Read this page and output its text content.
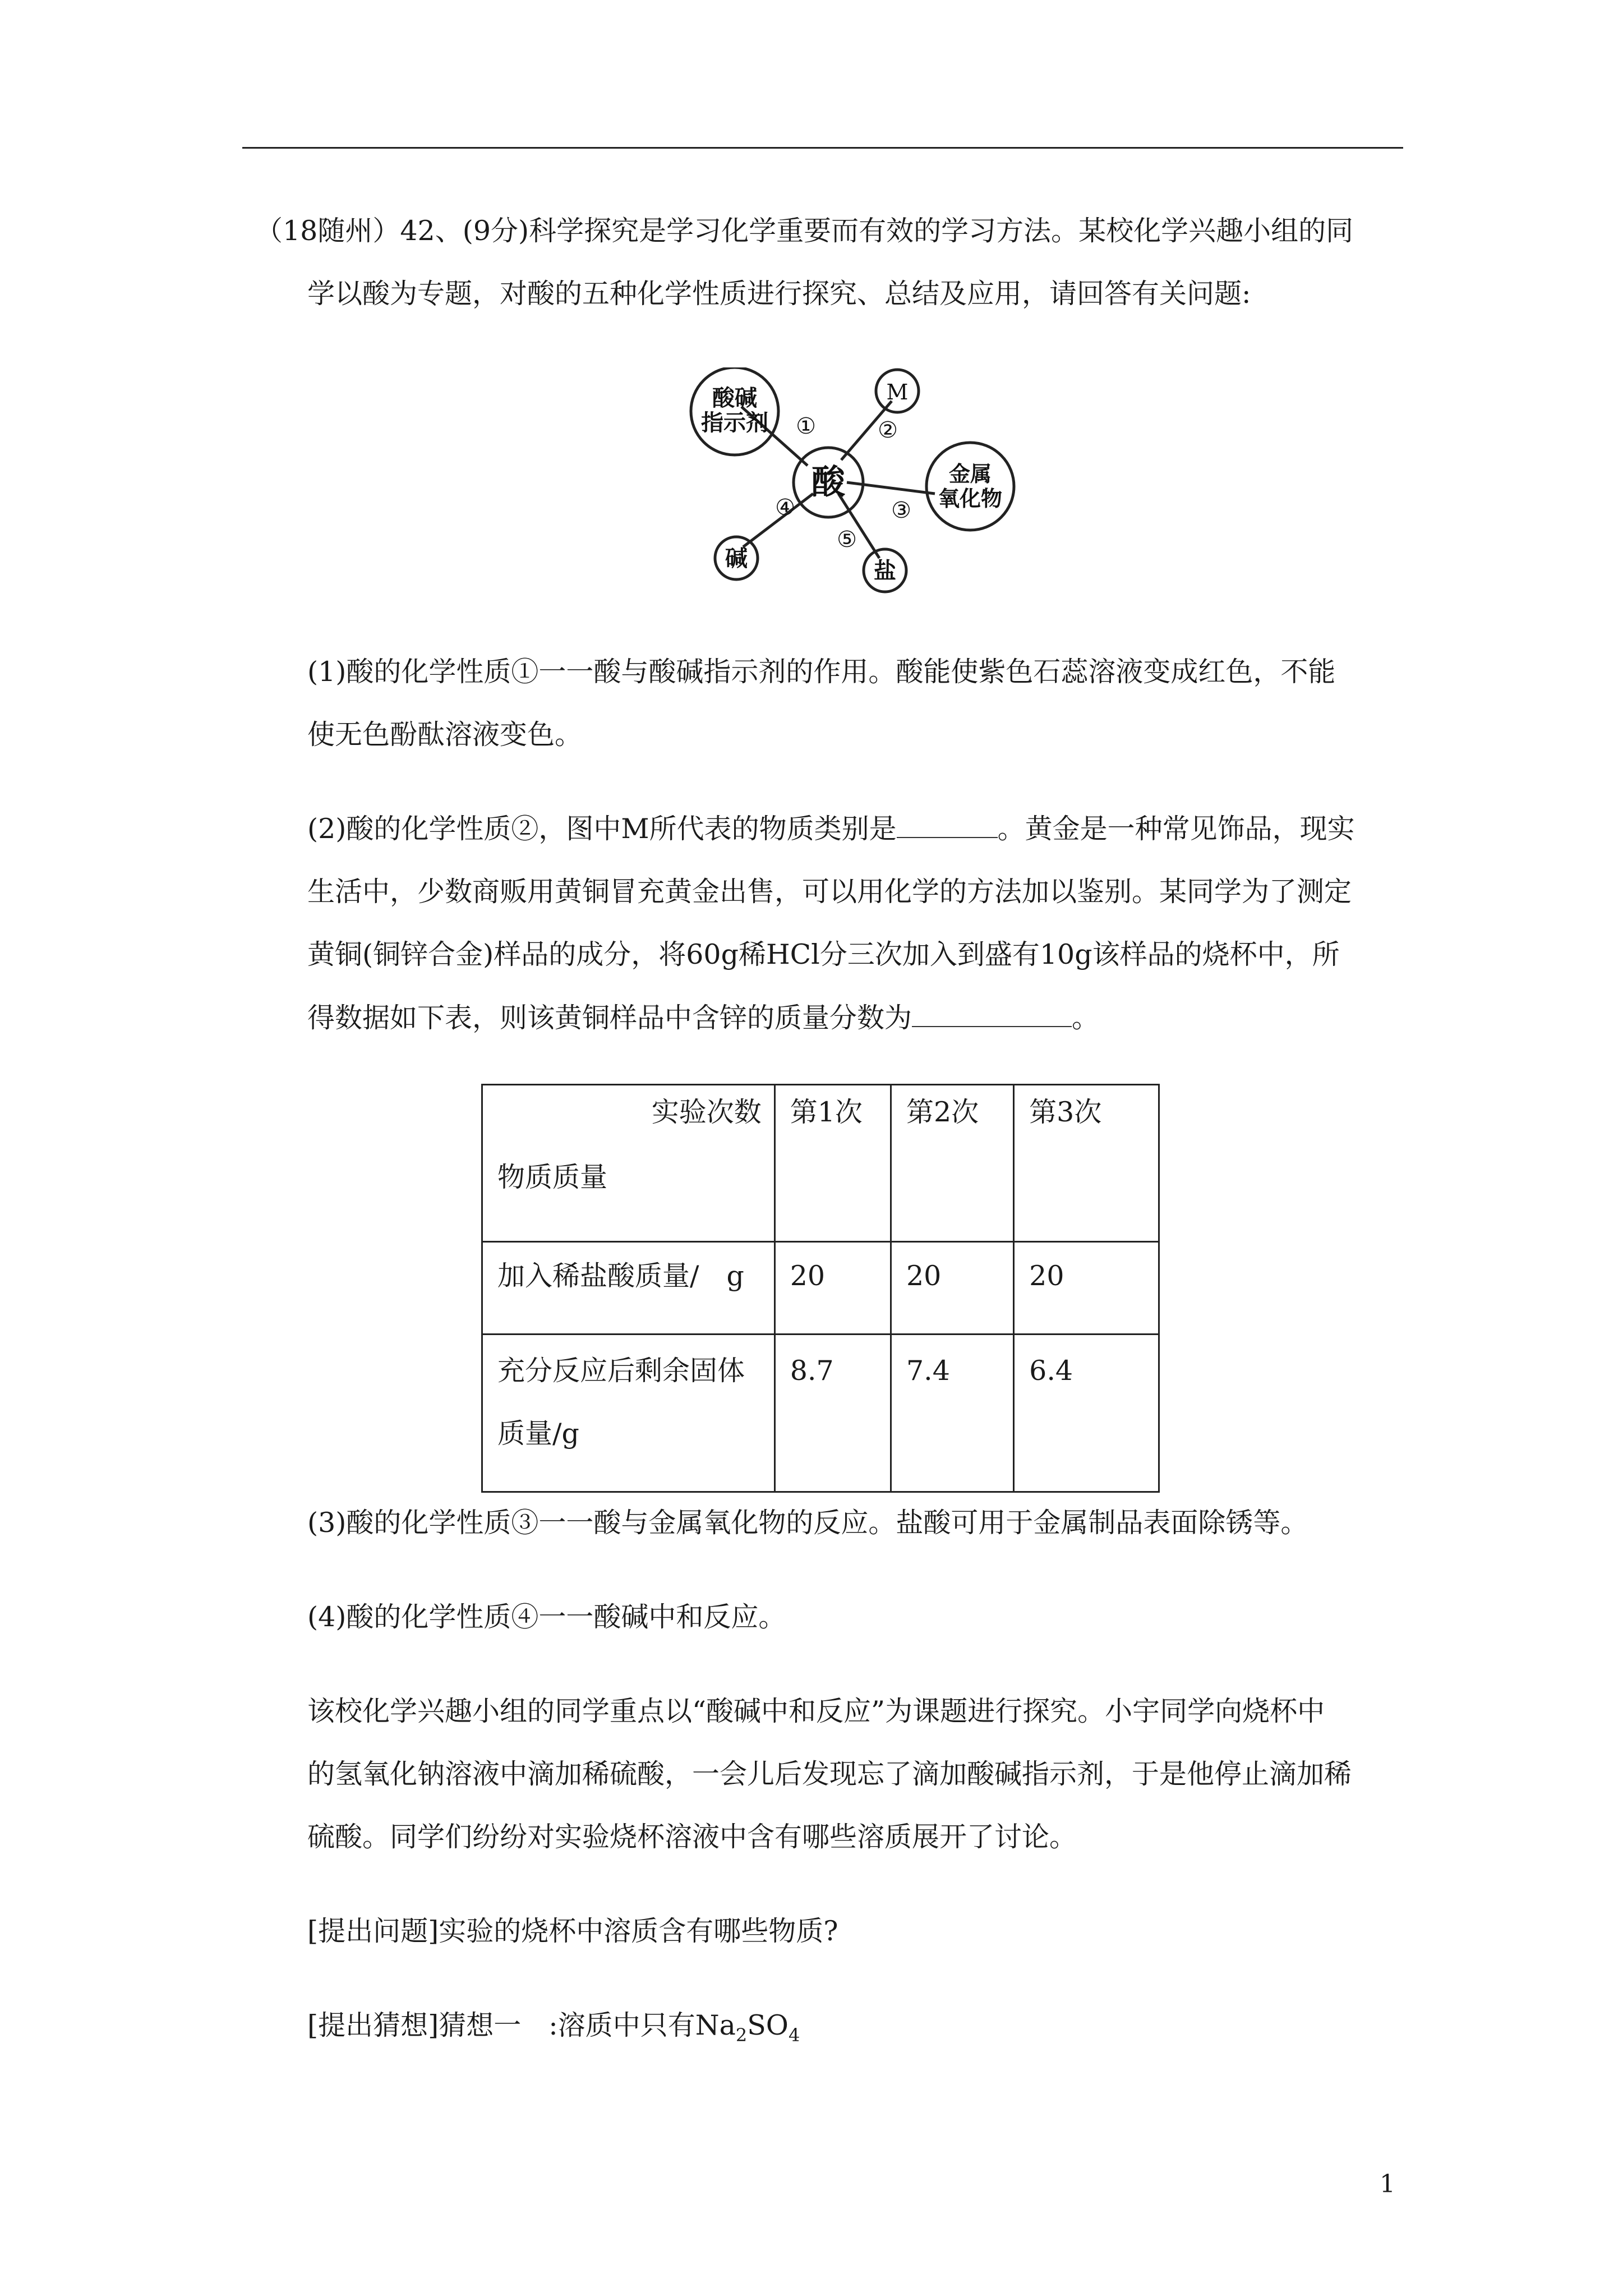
（18随州）42、(9分)科学探究是学习化学重要而有效的学习方法。某校化学兴趣小组的同
学以酸为专题，对酸的五种化学性质进行探究、总结及应用，请回答有关问题:
酸碱
指示剂
M
酸	金属
氧化物
碱	盐
①	②
③
④
⑤
(1)酸的化学性质①一一酸与酸碱指示剂的作用。酸能使紫色石蕊溶液变成红色，不能
使无色酚酞溶液变色。
(2)酸的化学性质②，图中M所代表的物质类别是	。黄金是一种常见饰品，现实
生活中，少数商贩用黄铜冒充黄金出售，可以用化学的方法加以鉴别。某同学为了测定
黄铜(铜锌合金)样品的成分，将60g稀HCl分三次加入到盛有10g该样品的烧杯中，所
得数据如下表，则该黄铜样品中含锌的质量分数为	。
实验次数
物质质量	第1次	第2次	第3次
加入稀盐酸质量/　g	20	20	20

充分反应后剩余固体
质量/g	8.7	7.4	6.4
(3)酸的化学性质③一一酸与金属氧化物的反应。盐酸可用于金属制品表面除锈等。
(4)酸的化学性质④一一酸碱中和反应。
该校化学兴趣小组的同学重点以“酸碱中和反应”为课题进行探究。小宇同学向烧杯中
的氢氧化钠溶液中滴加稀硫酸，一会儿后发现忘了滴加酸碱指示剂，于是他停止滴加稀
硫酸。同学们纷纷对实验烧杯溶液中含有哪些溶质展开了讨论。
[提出问题]实验的烧杯中溶质含有哪些物质?
[提出猜想]猜想一　:溶质中只有$Na_2SO_4$
1
